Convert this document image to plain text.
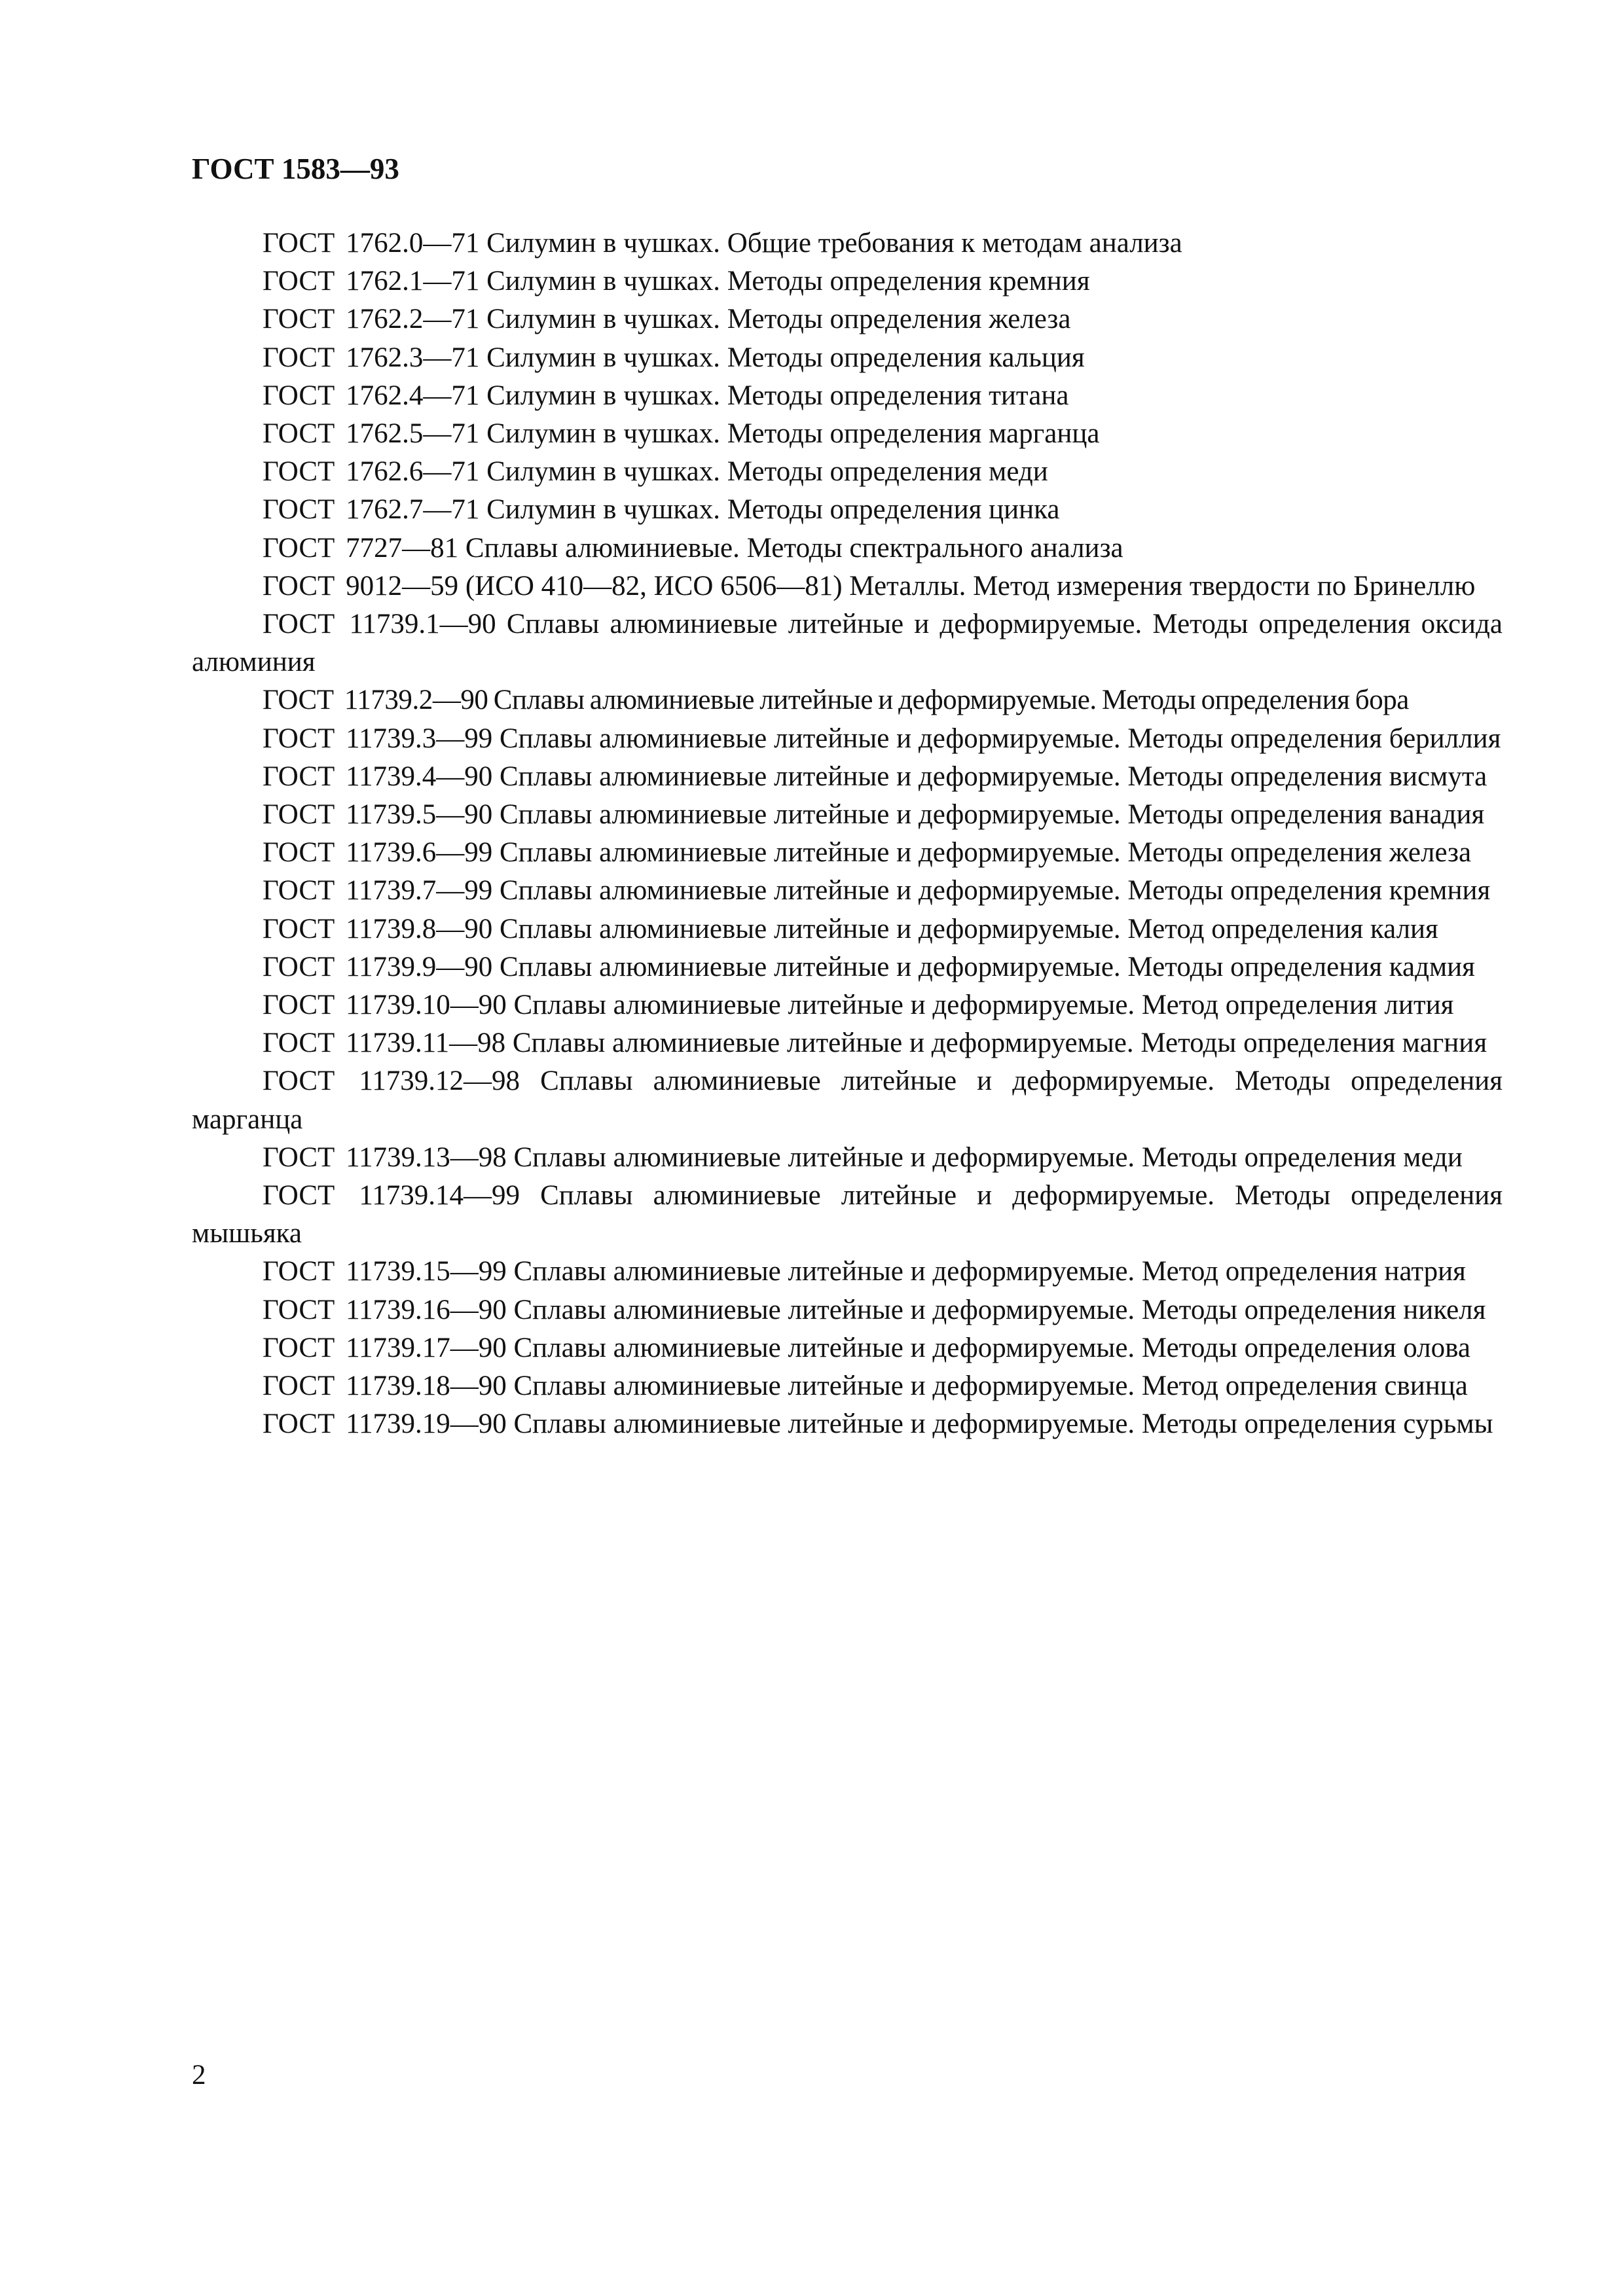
ГОСТ 1583—93
ГОСТ 1762.0—71 Силумин в чушках. Общие требования к методам анализа
ГОСТ 1762.1—71 Силумин в чушках. Методы определения кремния
ГОСТ 1762.2—71 Силумин в чушках. Методы определения железа
ГОСТ 1762.3—71 Силумин в чушках. Методы определения кальция
ГОСТ 1762.4—71 Силумин в чушках. Методы определения титана
ГОСТ 1762.5—71 Силумин в чушках. Методы определения марганца
ГОСТ 1762.6—71 Силумин в чушках. Методы определения меди
ГОСТ 1762.7—71 Силумин в чушках. Методы определения цинка
ГОСТ 7727—81 Сплавы алюминиевые. Методы спектрального анализа
ГОСТ 9012—59 (ИСО 410—82, ИСО 6506—81) Металлы. Метод измерения твердости по Бринеллю
ГОСТ 11739.1—90 Сплавы алюминиевые литейные и деформируемые. Методы определения оксида алюминия
ГОСТ 11739.2—90 Сплавы алюминиевые литейные и деформируемые. Методы определения бора
ГОСТ 11739.3—99 Сплавы алюминиевые литейные и деформируемые. Методы определения бериллия
ГОСТ 11739.4—90 Сплавы алюминиевые литейные и деформируемые. Методы определения висмута
ГОСТ 11739.5—90 Сплавы алюминиевые литейные и деформируемые. Методы определения ванадия
ГОСТ 11739.6—99 Сплавы алюминиевые литейные и деформируемые. Методы определения железа
ГОСТ 11739.7—99 Сплавы алюминиевые литейные и деформируемые. Методы определения кремния
ГОСТ 11739.8—90 Сплавы алюминиевые литейные и деформируемые. Метод определения калия
ГОСТ 11739.9—90 Сплавы алюминиевые литейные и деформируемые. Методы определения кадмия
ГОСТ 11739.10—90 Сплавы алюминиевые литейные и деформируемые. Метод определения лития
ГОСТ 11739.11—98 Сплавы алюминиевые литейные и деформируемые. Методы определения магния
ГОСТ 11739.12—98 Сплавы алюминиевые литейные и деформируемые. Методы определения марганца
ГОСТ 11739.13—98 Сплавы алюминиевые литейные и деформируемые. Методы определения меди
ГОСТ 11739.14—99 Сплавы алюминиевые литейные и деформируемые. Методы определения мышьяка
ГОСТ 11739.15—99 Сплавы алюминиевые литейные и деформируемые. Метод определения натрия
ГОСТ 11739.16—90 Сплавы алюминиевые литейные и деформируемые. Методы определения никеля
ГОСТ 11739.17—90 Сплавы алюминиевые литейные и деформируемые. Методы определения олова
ГОСТ 11739.18—90 Сплавы алюминиевые литейные и деформируемые. Метод определения свинца
ГОСТ 11739.19—90 Сплавы алюминиевые литейные и деформируемые. Методы определения сурьмы
2
